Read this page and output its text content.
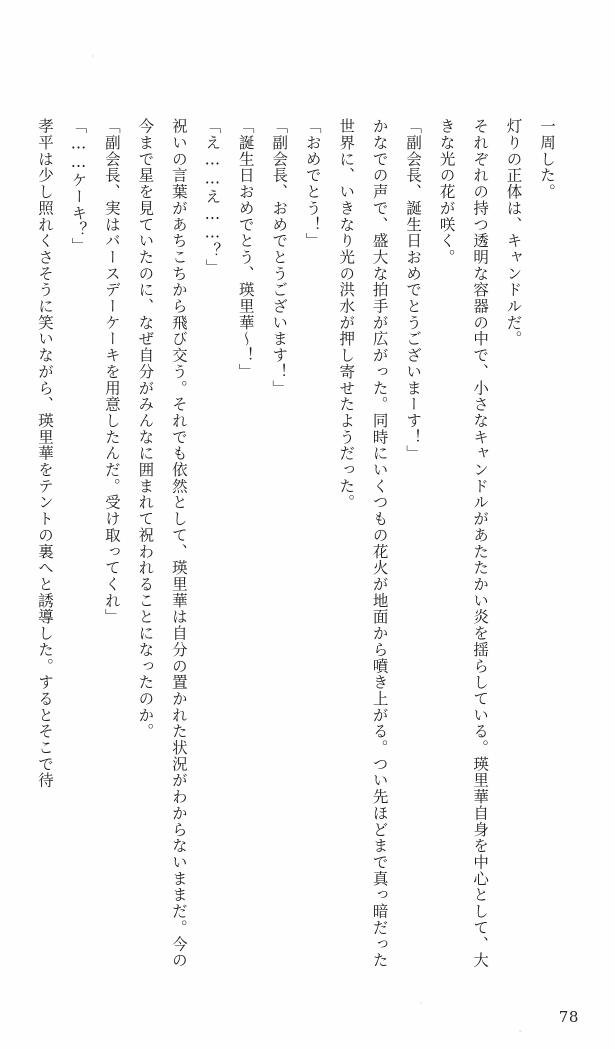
一周した。

灯りの正体は、キャンドルだ。

それぞれの持つ透明な容器の中で、小さなキャンドルがあたたかい炎を揺らしている。瑛里華自身を中心として、大きな光の花が咲く。

「副会長、誕生日おめでとうございまーす！」

かなでの声で、盛大な拍手が広がった。同時にいくつもの花火が地面から噴き上がる。つい先ほどまで真っ暗だった世界に、いきなり光の洪水が押し寄せたようだった。

「おめでとう！」

「副会長、おめでとうございます！」

「誕生日おめでとう、瑛里華～！」

「え……え……？」

祝いの言葉があちこちから飛び交う。それでも依然として、瑛里華は自分の置かれた状況がわからないままだ。今の今まで星を見ていたのに、なぜ自分がみんなに囲まれて祝われることになったのか。

「副会長、実はバースデーケーキを用意したんだ。受け取ってくれ」

「……ケーキ？」

孝平は少し照れくさそうに笑いながら、瑛里華をテントの裏へと誘導した。するとそこで待

78
